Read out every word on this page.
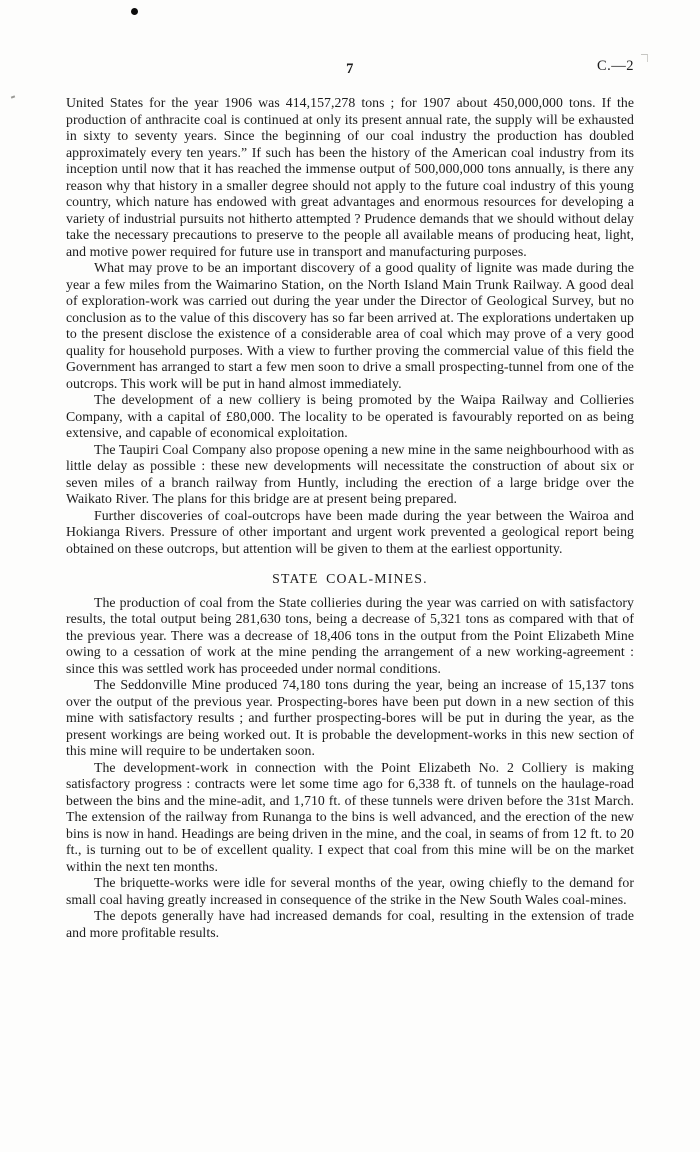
7	C.—2

United States for the year 1906 was 414,157,278 tons ; for 1907 about 450,000,000 tons. If the production of anthracite coal is continued at only its present annual rate, the supply will be exhausted in sixty to seventy years. Since the beginning of our coal industry the production has doubled approximately every ten years.” If such has been the history of the American coal industry from its inception until now that it has reached the immense output of 500,000,000 tons annually, is there any reason why that history in a smaller degree should not apply to the future coal industry of this young country, which nature has endowed with great advantages and enormous resources for developing a variety of industrial pursuits not hitherto attempted ? Prudence demands that we should without delay take the necessary precautions to preserve to the people all available means of producing heat, light, and motive power required for future use in transport and manufacturing purposes.

What may prove to be an important discovery of a good quality of lignite was made during the year a few miles from the Waimarino Station, on the North Island Main Trunk Railway. A good deal of exploration-work was carried out during the year under the Director of Geological Survey, but no conclusion as to the value of this discovery has so far been arrived at. The explorations undertaken up to the present disclose the existence of a considerable area of coal which may prove of a very good quality for household purposes. With a view to further proving the commercial value of this field the Government has arranged to start a few men soon to drive a small prospecting-tunnel from one of the outcrops. This work will be put in hand almost immediately.

The development of a new colliery is being promoted by the Waipa Railway and Collieries Company, with a capital of £80,000. The locality to be operated is favourably reported on as being extensive, and capable of economical exploitation.

The Taupiri Coal Company also propose opening a new mine in the same neighbourhood with as little delay as possible : these new developments will necessitate the construction of about six or seven miles of a branch railway from Huntly, including the erection of a large bridge over the Waikato River. The plans for this bridge are at present being prepared.

Further discoveries of coal-outcrops have been made during the year between the Wairoa and Hokianga Rivers. Pressure of other important and urgent work prevented a geological report being obtained on these outcrops, but attention will be given to them at the earliest opportunity.

STATE COAL-MINES.

The production of coal from the State collieries during the year was carried on with satisfactory results, the total output being 281,630 tons, being a decrease of 5,321 tons as compared with that of the previous year. There was a decrease of 18,406 tons in the output from the Point Elizabeth Mine owing to a cessation of work at the mine pending the arrangement of a new working-agreement : since this was settled work has proceeded under normal conditions.

The Seddonville Mine produced 74,180 tons during the year, being an increase of 15,137 tons over the output of the previous year. Prospecting-bores have been put down in a new section of this mine with satisfactory results ; and further prospecting-bores will be put in during the year, as the present workings are being worked out. It is probable the development-works in this new section of this mine will require to be undertaken soon.

The development-work in connection with the Point Elizabeth No. 2 Colliery is making satisfactory progress : contracts were let some time ago for 6,338 ft. of tunnels on the haulage-road between the bins and the mine-adit, and 1,710 ft. of these tunnels were driven before the 31st March. The extension of the railway from Runanga to the bins is well advanced, and the erection of the new bins is now in hand. Headings are being driven in the mine, and the coal, in seams of from 12 ft. to 20 ft., is turning out to be of excellent quality. I expect that coal from this mine will be on the market within the next ten months.

The briquette-works were idle for several months of the year, owing chiefly to the demand for small coal having greatly increased in consequence of the strike in the New South Wales coal-mines.

The depots generally have had increased demands for coal, resulting in the extension of trade and more profitable results.
